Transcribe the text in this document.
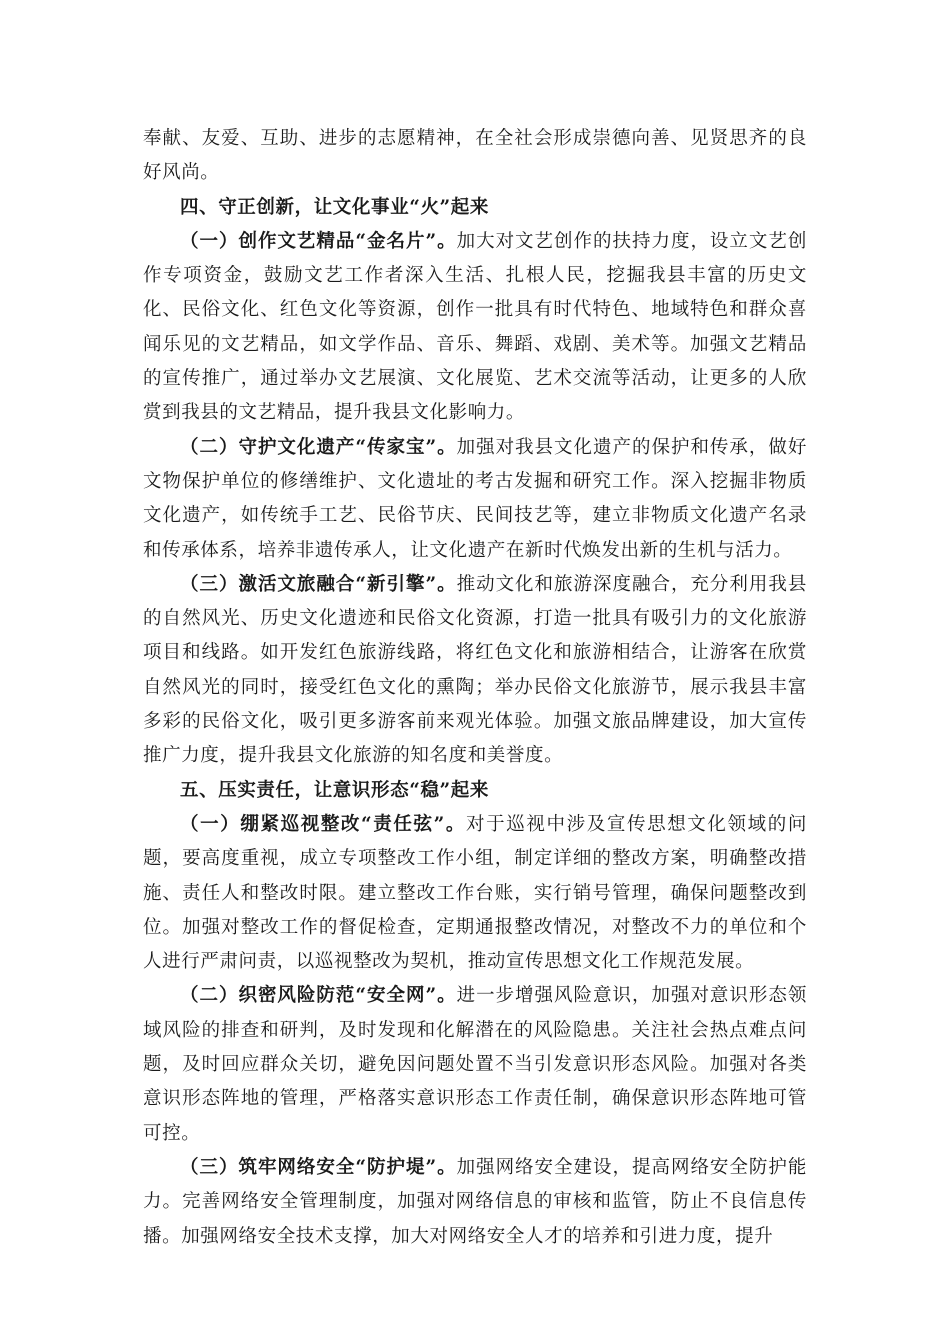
奉献、友爱、互助、进步的志愿精神，在全社会形成崇德向善、见贤思齐的良好风尚。

四、守正创新，让文化事业“火”起来

（一）创作文艺精品“金名片”。加大对文艺创作的扶持力度，设立文艺创作专项资金，鼓励文艺工作者深入生活、扎根人民，挖掘我县丰富的历史文化、民俗文化、红色文化等资源，创作一批具有时代特色、地域特色和群众喜闻乐见的文艺精品，如文学作品、音乐、舞蹈、戏剧、美术等。加强文艺精品的宣传推广，通过举办文艺展演、文化展览、艺术交流等活动，让更多的人欣赏到我县的文艺精品，提升我县文化影响力。

（二）守护文化遗产“传家宝”。加强对我县文化遗产的保护和传承，做好文物保护单位的修缮维护、文化遗址的考古发掘和研究工作。深入挖掘非物质文化遗产，如传统手工艺、民俗节庆、民间技艺等，建立非物质文化遗产名录和传承体系，培养非遗传承人，让文化遗产在新时代焕发出新的生机与活力。

（三）激活文旅融合“新引擎”。推动文化和旅游深度融合，充分利用我县的自然风光、历史文化遗迹和民俗文化资源，打造一批具有吸引力的文化旅游项目和线路。如开发红色旅游线路，将红色文化和旅游相结合，让游客在欣赏自然风光的同时，接受红色文化的熏陶；举办民俗文化旅游节，展示我县丰富多彩的民俗文化，吸引更多游客前来观光体验。加强文旅品牌建设，加大宣传推广力度，提升我县文化旅游的知名度和美誉度。

五、压实责任，让意识形态“稳”起来

（一）绷紧巡视整改“责任弦”。对于巡视中涉及宣传思想文化领域的问题，要高度重视，成立专项整改工作小组，制定详细的整改方案，明确整改措施、责任人和整改时限。建立整改工作台账，实行销号管理，确保问题整改到位。加强对整改工作的督促检查，定期通报整改情况，对整改不力的单位和个人进行严肃问责，以巡视整改为契机，推动宣传思想文化工作规范发展。

（二）织密风险防范“安全网”。进一步增强风险意识，加强对意识形态领域风险的排查和研判，及时发现和化解潜在的风险隐患。关注社会热点难点问题，及时回应群众关切，避免因问题处置不当引发意识形态风险。加强对各类意识形态阵地的管理，严格落实意识形态工作责任制，确保意识形态阵地可管可控。

（三）筑牢网络安全“防护堤”。加强网络安全建设，提高网络安全防护能力。完善网络安全管理制度，加强对网络信息的审核和监管，防止不良信息传播。加强网络安全技术支撑，加大对网络安全人才的培养和引进力度，提升
